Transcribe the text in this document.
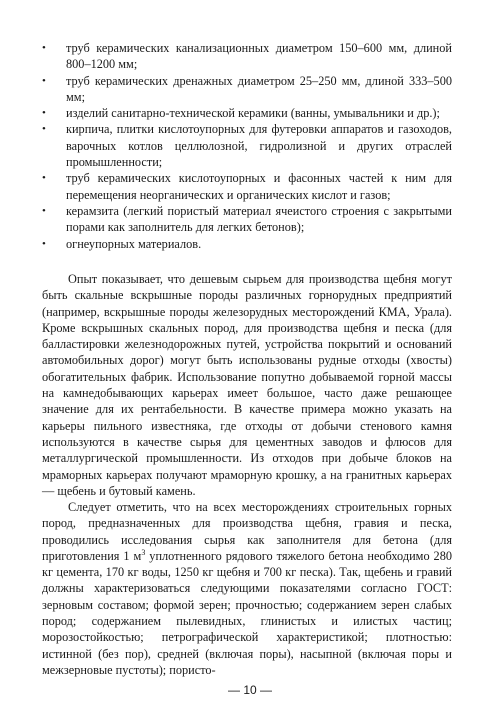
• труб керамических канализационных диаметром 150–600 мм, длиной 800–1200 мм;
• труб керамических дренажных диаметром 25–250 мм, длиной 333–500 мм;
• изделий санитарно-технической керамики (ванны, умывальники и др.);
• кирпича, плитки кислотоупорных для футеровки аппаратов и газоходов, варочных котлов целлюлозной, гидролизной и других отраслей промышленности;
• труб керамических кислотоупорных и фасонных частей к ним для перемещения неорганических и органических кислот и газов;
• керамзита (легкий пористый материал ячеистого строения с закрытыми порами как заполнитель для легких бетонов);
• огнеупорных материалов.

Опыт показывает, что дешевым сырьем для производства щебня могут быть скальные вскрышные породы различных горнорудных предприятий (например, вскрышные породы железорудных месторождений КМА, Урала). Кроме вскрышных скальных пород, для производства щебня и песка (для балластировки железнодорожных путей, устройства покрытий и оснований автомобильных дорог) могут быть использованы рудные отходы (хвосты) обогатительных фабрик. Использование попутно добываемой горной массы на камнедобывающих карьерах имеет большое, часто даже решающее значение для их рентабельности. В качестве примера можно указать на карьеры пильного известняка, где отходы от добычи стенового камня используются в качестве сырья для цементных заводов и флюсов для металлургической промышленности. Из отходов при добыче блоков на мраморных карьерах получают мраморную крошку, а на гранитных карьерах — щебень и бутовый камень.

Следует отметить, что на всех месторождениях строительных горных пород, предназначенных для производства щебня, гравия и песка, проводились исследования сырья как заполнителя для бетона (для приготовления 1 $м^3$ уплотненного рядового тяжелого бетона необходимо 280 кг цемента, 170 кг воды, 1250 кг щебня и 700 кг песка). Так, щебень и гравий должны характеризоваться следующими показателями согласно ГОСТ: зерновым составом; формой зерен; прочностью; содержанием зерен слабых пород; содержанием пылевидных, глинистых и илистых частиц; морозостойкостью; петрографической характеристикой; плотностью: истинной (без пор), средней (включая поры), насыпной (включая поры и межзерновые пустоты); пористо-

— 10 —
